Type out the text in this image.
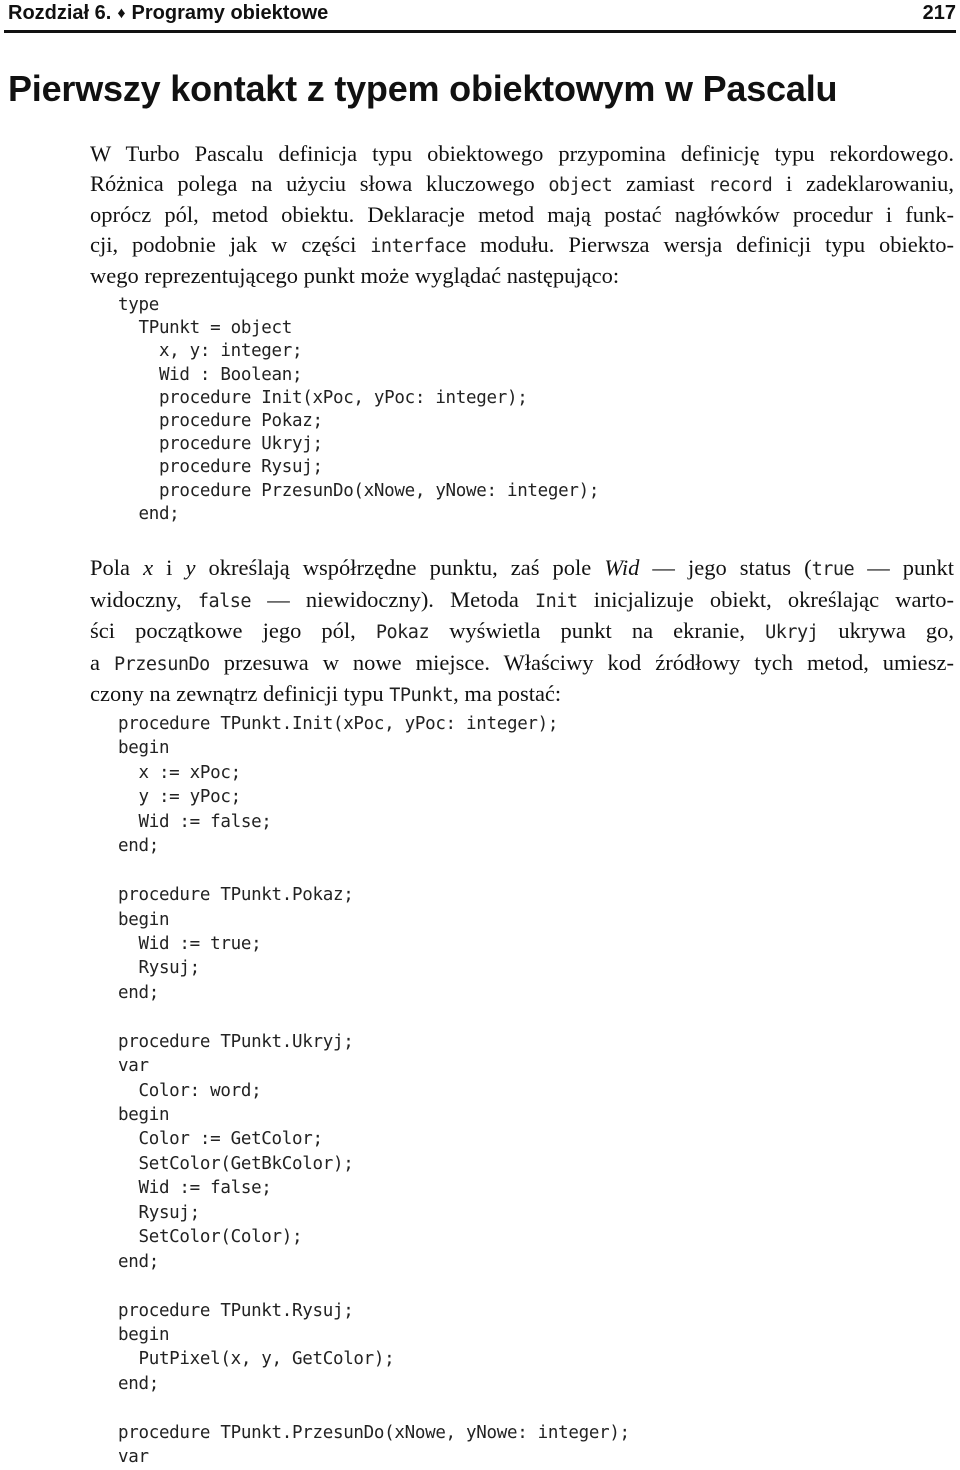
Rozdział 6. ♦ Programy obiektowe	217
Pierwszy kontakt z typem obiektowym w Pascalu

W Turbo Pascalu definicja typu obiektowego przypomina definicję typu rekordowego.
Różnica polega na użyciu słowa kluczowego object zamiast record i zadeklarowaniu,
oprócz pól, metod obiektu. Deklaracje metod mają postać nagłówków procedur i funk-
cji, podobnie jak w części interface modułu. Pierwsza wersja definicji typu obiekto-
wego reprezentującego punkt może wyglądać następująco:

type
TPunkt = object
x, y: integer;
Wid : Boolean;
procedure Init(xPoc, yPoc: integer);
procedure Pokaz;
procedure Ukryj;
procedure Rysuj;
procedure PrzesunDo(xNowe, yNowe: integer);
end;

Pola x i y określają współrzędne punktu, zaś pole Wid — jego status (true — punkt
widoczny, false — niewidoczny). Metoda Init inicjalizuje obiekt, określając warto-
ści początkowe jego pól, Pokaz wyświetla punkt na ekranie, Ukryj ukrywa go,
a PrzesunDo przesuwa w nowe miejsce. Właściwy kod źródłowy tych metod, umiesz-
czony na zewnątrz definicji typu TPunkt, ma postać:

procedure TPunkt.Init(xPoc, yPoc: integer);
begin
x := xPoc;
y := yPoc;
Wid := false;
end;
procedure TPunkt.Pokaz;
begin
Wid := true;
Rysuj;
end;
procedure TPunkt.Ukryj;
var
Color: word;
begin
Color := GetColor;
SetColor(GetBkColor);
Wid := false;
Rysuj;
SetColor(Color);
end;
procedure TPunkt.Rysuj;
begin
PutPixel(x, y, GetColor);
end;
procedure TPunkt.PrzesunDo(xNowe, yNowe: integer);
var
